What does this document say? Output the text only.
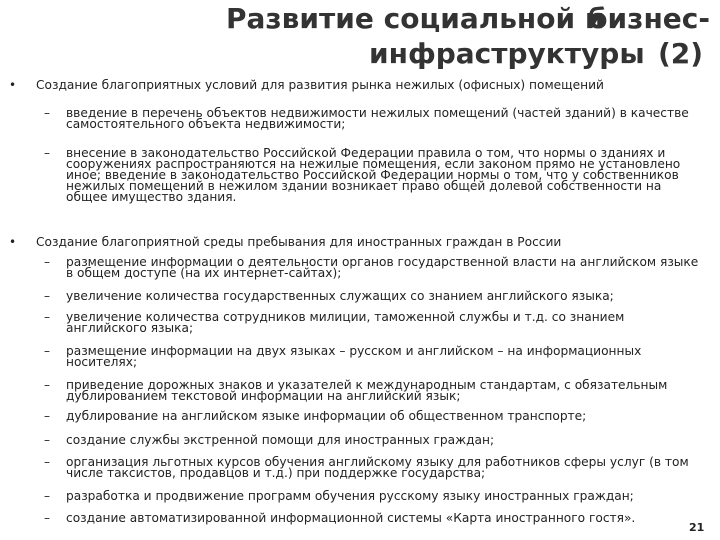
Развитие социальной и
бизнес-
инфраструктуры (2)
• Создание благоприятных условий для развития рынка нежилых (офисных) помещений
– введение в перечень объектов недвижимости нежилых помещений (частей зданий) в качестве
самостоятельного объекта недвижимости;
– внесение в законодательство Российской Федерации правила о том, что нормы о зданиях и
сооружениях распространяются на нежилые помещения, если законом прямо не установлено
иное; введение в законодательство Российской Федерации нормы о том, что у собственников
нежилых помещений в нежилом здании возникает право общей долевой собственности на
общее имущество здания.
• Создание благоприятной среды пребывания для иностранных граждан в России
– размещение информации о деятельности органов государственной власти на английском языке
в общем доступе (на их интернет-сайтах);
– увеличение количества государственных служащих со знанием английского языка;
– увеличение количества сотрудников милиции, таможенной службы и т.д. со знанием
английского языка;
– размещение информации на двух языках – русском и английском – на информационных
носителях;
– приведение дорожных знаков и указателей к международным стандартам, с обязательным
дублированием текстовой информации на английский язык;
– дублирование на английском языке информации об общественном транспорте;
– создание службы экстренной помощи для иностранных граждан;
– организация льготных курсов обучения английскому языку для работников сферы услуг (в том
числе таксистов, продавцов и т.д.) при поддержке государства;
– разработка и продвижение программ обучения русскому языку иностранных граждан;
– создание автоматизированной информационной системы «Карта иностранного гостя».
21
